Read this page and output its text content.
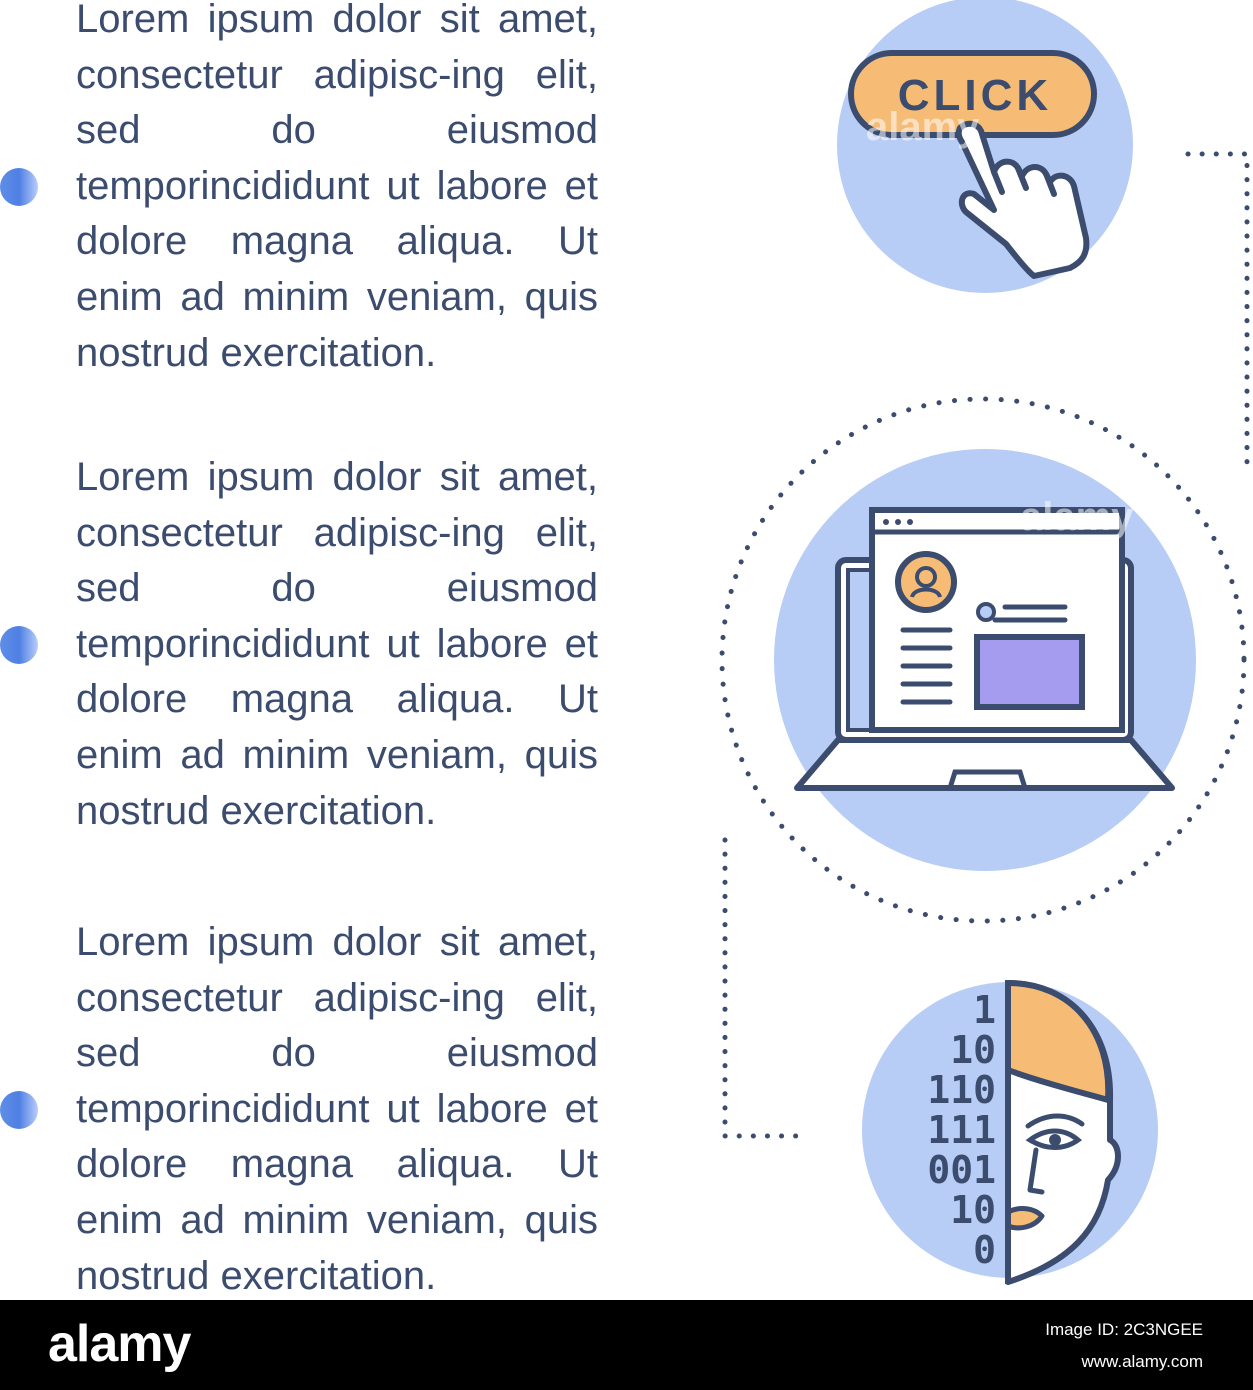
Lorem ipsum dolor sit amet, consectetur adipisc-ing elit, sed do eiusmod temporincididunt ut labore et dolore magna aliqua. Ut enim ad minim veniam, quis nostrud exercitation.

Lorem ipsum dolor sit amet, consectetur adipisc-ing elit, sed do eiusmod temporincididunt ut labore et dolore magna aliqua. Ut enim ad minim veniam, quis nostrud exercitation.

Lorem ipsum dolor sit amet, consectetur adipisc-ing elit, sed do eiusmod temporincididunt ut labore et dolore magna aliqua. Ut enim ad minim veniam, quis nostrud exercitation.

CLICK
1
10
110
111
001
10
0
alamy
alamy
alamy	Image ID: 2C3NGEE
www.alamy.com
